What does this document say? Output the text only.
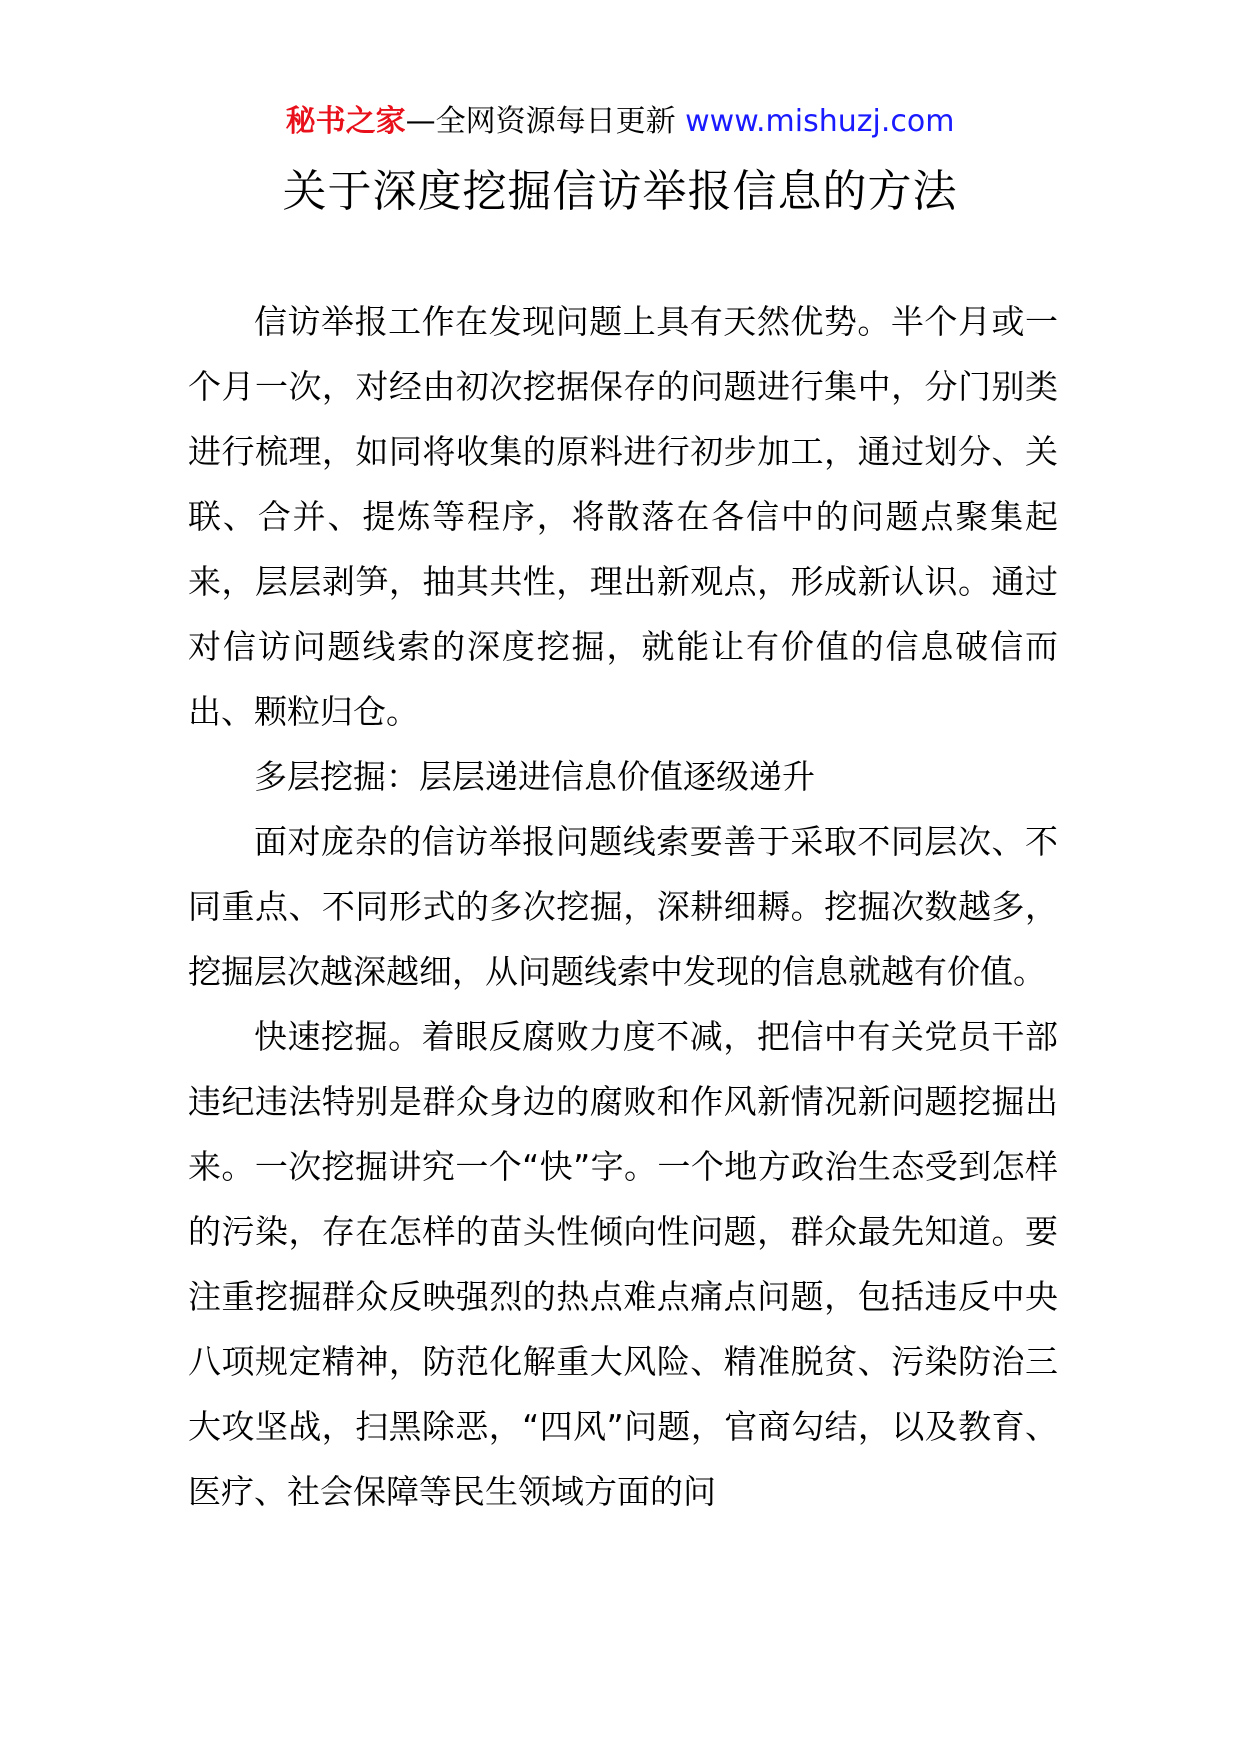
秘书之家—全网资源每日更新 www.mishuzj.com
关于深度挖掘信访举报信息的方法

信访举报工作在发现问题上具有天然优势。半个月或一个月一次，对经由初次挖据保存的问题进行集中，分门别类进行梳理，如同将收集的原料进行初步加工，通过划分、关联、合并、提炼等程序，将散落在各信中的问题点聚集起来，层层剥笋，抽其共性，理出新观点，形成新认识。通过对信访问题线索的深度挖掘，就能让有价值的信息破信而出、颗粒归仓。

多层挖掘：层层递进信息价值逐级递升

面对庞杂的信访举报问题线索要善于采取不同层次、不同重点、不同形式的多次挖掘，深耕细耨。挖掘次数越多，挖掘层次越深越细，从问题线索中发现的信息就越有价值。

快速挖掘。着眼反腐败力度不减，把信中有关党员干部违纪违法特别是群众身边的腐败和作风新情况新问题挖掘出来。一次挖掘讲究一个“快”字。一个地方政治生态受到怎样的污染，存在怎样的苗头性倾向性问题，群众最先知道。要注重挖掘群众反映强烈的热点难点痛点问题，包括违反中央八项规定精神，防范化解重大风险、精准脱贫、污染防治三大攻坚战，扫黑除恶，“四风”问题，官商勾结，以及教育、医疗、社会保障等民生领域方面的问
